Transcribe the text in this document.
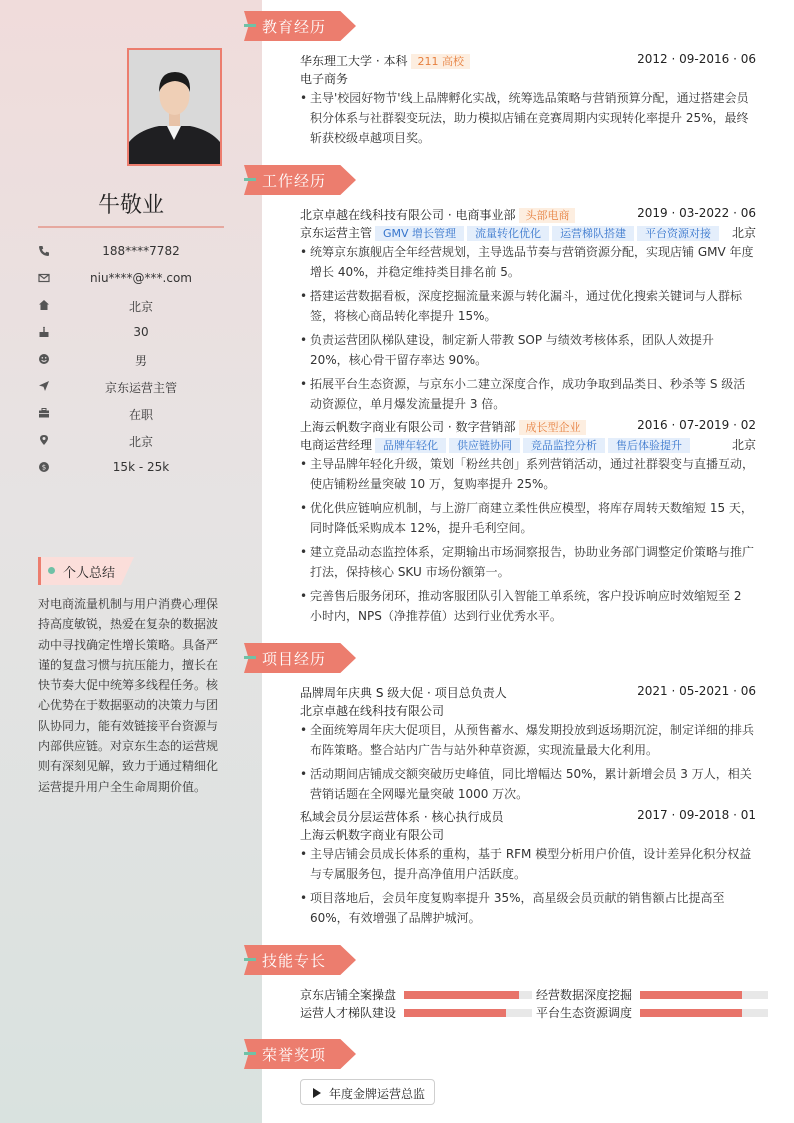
牛敬业
188****7782
niu****@***.com
北京
30
男
京东运营主管
在职
北京
$	15k - 25k
个人总结
对电商流量机制与用户消费心理保持高度敏锐，热爱在复杂的数据波动中寻找确定性增长策略。具备严谨的复盘习惯与抗压能力，擅长在快节奏大促中统筹多线程任务。核心优势在于数据驱动的决策力与团队协同力，能有效链接平台资源与内部供应链。对京东生态的运营规则有深刻见解，致力于通过精细化运营提升用户全生命周期价值。
教育经历
华东理工大学 · 本科 211 高校	2012 · 09-2016 · 06
电子商务
• 主导'校园好物节'线上品牌孵化实战，统筹选品策略与营销预算分配，通过搭建会员积分体系与社群裂变玩法，助力模拟店铺在竞赛周期内实现转化率提升 25%，最终斩获校级卓越项目奖。
工作经历
北京卓越在线科技有限公司 · 电商事业部 头部电商	2019 · 03-2022 · 06
京东运营主管 GMV 增长管理 流量转化优化 运营梯队搭建 平台资源对接	北京
• 统筹京东旗舰店全年经营规划，主导选品节奏与营销资源分配，实现店铺 GMV 年度增长 40%，并稳定维持类目排名前 5。
• 搭建运营数据看板，深度挖掘流量来源与转化漏斗，通过优化搜索关键词与人群标签，将核心商品转化率提升 15%。
• 负责运营团队梯队建设，制定新人带教 SOP 与绩效考核体系，团队人效提升 20%，核心骨干留存率达 90%。
• 拓展平台生态资源，与京东小二建立深度合作，成功争取到品类日、秒杀等 S 级活动资源位，单月爆发流量提升 3 倍。
上海云帆数字商业有限公司 · 数字营销部 成长型企业	2016 · 07-2019 · 02
电商运营经理 品牌年轻化 供应链协同 竞品监控分析 售后体验提升	北京
• 主导品牌年轻化升级，策划「粉丝共创」系列营销活动，通过社群裂变与直播互动，使店铺粉丝量突破 10 万，复购率提升 25%。
• 优化供应链响应机制，与上游厂商建立柔性供应模型，将库存周转天数缩短 15 天，同时降低采购成本 12%，提升毛利空间。
• 建立竞品动态监控体系，定期输出市场洞察报告，协助业务部门调整定价策略与推广打法，保持核心 SKU 市场份额第一。
• 完善售后服务闭环，推动客服团队引入智能工单系统，客户投诉响应时效缩短至 2 小时内，NPS（净推荐值）达到行业优秀水平。
项目经历
品牌周年庆典 S 级大促 · 项目总负责人	2021 · 05-2021 · 06
北京卓越在线科技有限公司
• 全面统筹周年庆大促项目，从预售蓄水、爆发期投放到返场期沉淀，制定详细的排兵布阵策略。整合站内广告与站外种草资源，实现流量最大化利用。
• 活动期间店铺成交额突破历史峰值，同比增幅达 50%，累计新增会员 3 万人，相关营销话题在全网曝光量突破 1000 万次。
私域会员分层运营体系 · 核心执行成员	2017 · 09-2018 · 01
上海云帆数字商业有限公司
• 主导店铺会员成长体系的重构，基于 RFM 模型分析用户价值，设计差异化积分权益与专属服务包，提升高净值用户活跃度。
• 项目落地后，会员年度复购率提升 35%，高星级会员贡献的销售额占比提高至 60%，有效增强了品牌护城河。
技能专长
京东店铺全案操盘	经营数据深度挖掘
运营人才梯队建设	平台生态资源调度
荣誉奖项
年度金牌运营总监
